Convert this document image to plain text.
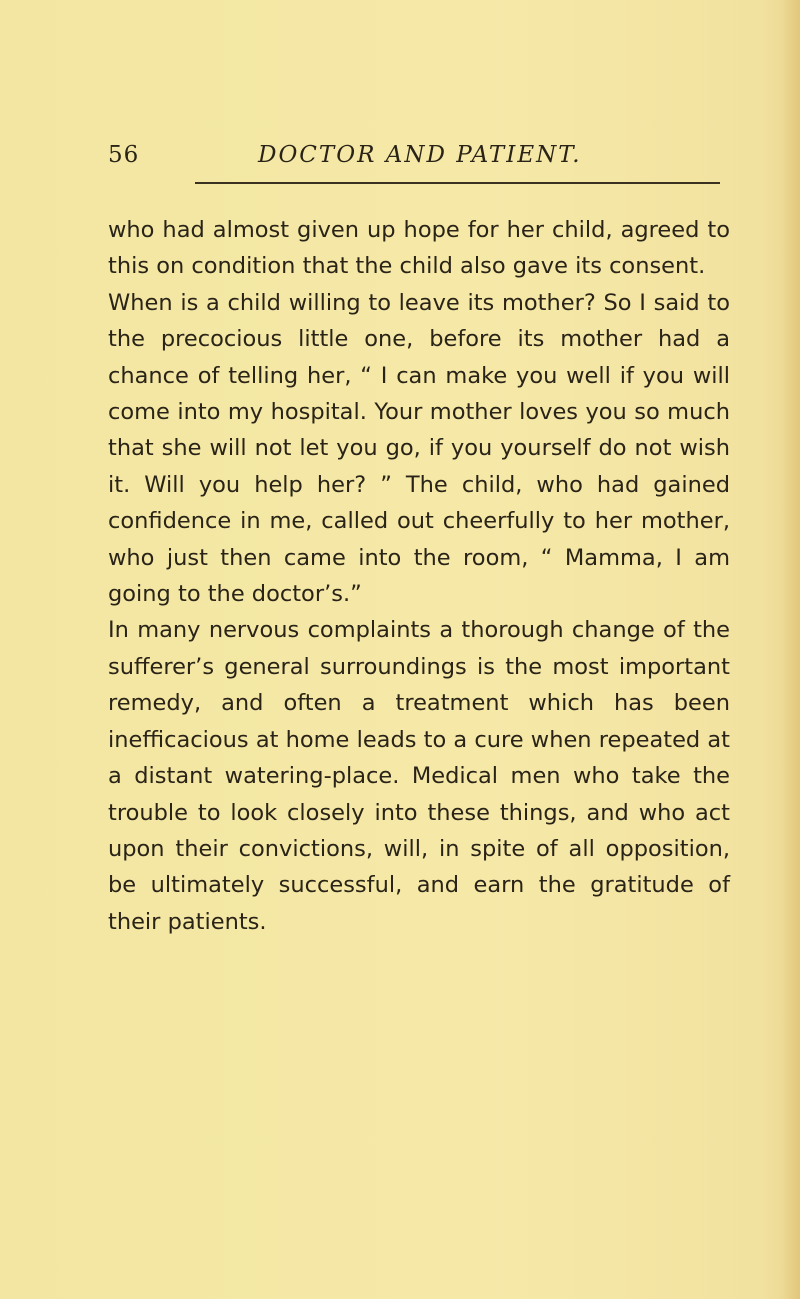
56	DOCTOR AND PATIENT.

who had almost given up hope for her child, agreed to this on condition that the child also gave its consent.

When is a child willing to leave its mother? So I said to the precocious little one, before its mother had a chance of telling her, “ I can make you well if you will come into my hospital. Your mother loves you so much that she will not let you go, if you yourself do not wish it. Will you help her? ” The child, who had gained confidence in me, called out cheerfully to her mother, who just then came into the room, “ Mamma, I am going to the doctor’s.”

In many nervous complaints a thorough change of the sufferer’s general surroundings is the most important remedy, and often a treatment which has been inefficacious at home leads to a cure when repeated at a distant watering-place. Medical men who take the trouble to look closely into these things, and who act upon their convictions, will, in spite of all opposition, be ultimately successful, and earn the gratitude of their patients.
